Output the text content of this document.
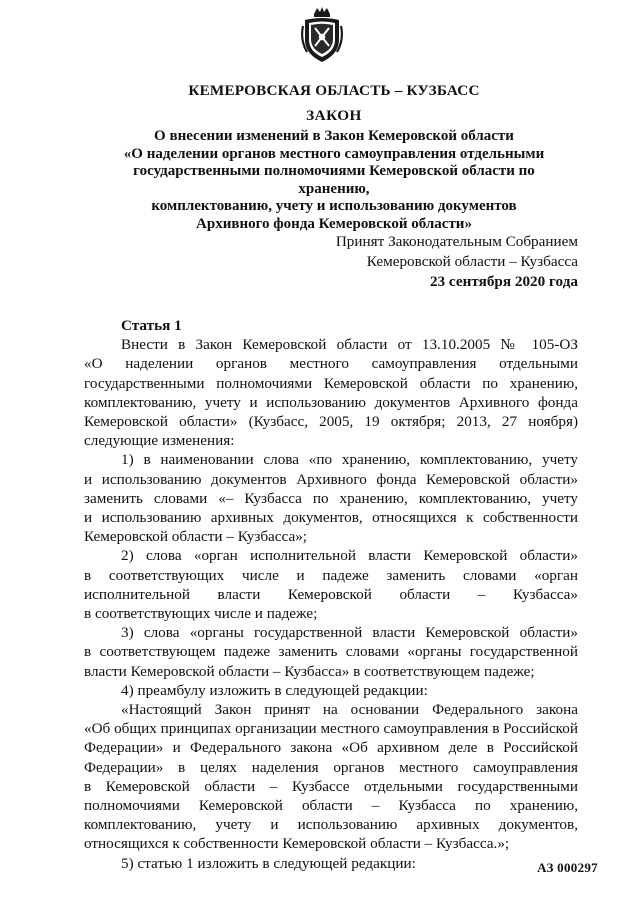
КЕМЕРОВСКАЯ ОБЛАСТЬ – КУЗБАСС
ЗАКОН
О внесении изменений в Закон Кемеровской области
«О наделении органов местного самоуправления отдельными
государственными полномочиями Кемеровской области по хранению,
комплектованию, учету и использованию документов
Архивного фонда Кемеровской области»
Принят Законодательным Собранием
Кемеровской области – Кузбасса
23 сентября 2020 года
Статья 1
Внести в Закон Кемеровской области от 13.10.2005 № 105-ОЗ
«О наделении органов местного самоуправления отдельными
государственными полномочиями Кемеровской области по хранению,
комплектованию, учету и использованию документов Архивного фонда
Кемеровской области» (Кузбасс, 2005, 19 октября; 2013, 27 ноября)
следующие изменения:
1) в наименовании слова «по хранению, комплектованию, учету
и использованию документов Архивного фонда Кемеровской области»
заменить словами «– Кузбасса по хранению, комплектованию, учету
и использованию архивных документов, относящихся к собственности
Кемеровской области – Кузбасса»;
2) слова «орган исполнительной власти Кемеровской области»
в соответствующих числе и падеже заменить словами «орган
исполнительной власти Кемеровской области – Кузбасса»
в соответствующих числе и падеже;
3) слова «органы государственной власти Кемеровской области»
в соответствующем падеже заменить словами «органы государственной
власти Кемеровской области – Кузбасса» в соответствующем падеже;
4) преамбулу изложить в следующей редакции:
«Настоящий Закон принят на основании Федерального закона
«Об общих принципах организации местного самоуправления в Российской
Федерации» и Федерального закона «Об архивном деле в Российской
Федерации» в целях наделения органов местного самоуправления
в Кемеровской области – Кузбассе отдельными государственными
полномочиями Кемеровской области – Кузбасса по хранению,
комплектованию, учету и использованию архивных документов,
относящихся к собственности Кемеровской области – Кузбасса.»;
5) статью 1 изложить в следующей редакции:	АЗ 000297
